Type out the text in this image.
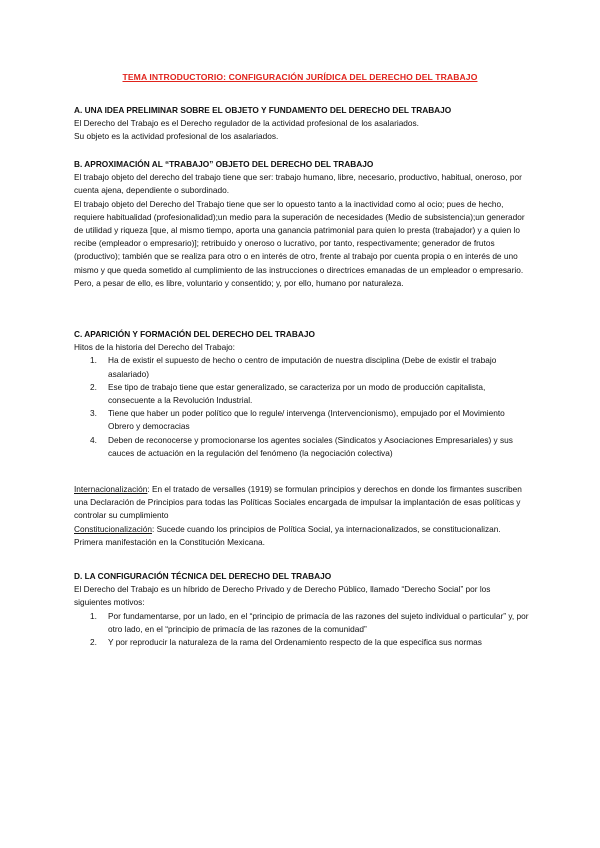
TEMA INTRODUCTORIO: CONFIGURACIÓN JURÍDICA DEL DERECHO DEL TRABAJO

A. UNA IDEA PRELIMINAR SOBRE EL OBJETO Y FUNDAMENTO DEL DERECHO DEL TRABAJO

El Derecho del Trabajo es el Derecho regulador de la actividad profesional de los asalariados.

Su objeto es la actividad profesional de los asalariados.

B. APROXIMACIÓN AL “TRABAJO” OBJETO DEL DERECHO DEL TRABAJO

El trabajo objeto del derecho del trabajo tiene que ser: trabajo humano, libre, necesario, productivo, habitual, oneroso, por cuenta ajena, dependiente o subordinado.

El trabajo objeto del Derecho del Trabajo tiene que ser lo opuesto tanto a la inactividad como al ocio; pues de hecho, requiere habitualidad (profesionalidad);un medio para la superación de necesidades (Medio de subsistencia);un generador de utilidad y riqueza [que, al mismo tiempo, aporta una ganancia patrimonial para quien lo presta (trabajador) y a quien lo recibe (empleador o empresario)]; retribuido y oneroso o lucrativo, por tanto, respectivamente; generador de frutos (productivo); también que se realiza para otro o en interés de otro, frente al trabajo por cuenta propia o en interés de uno mismo y que queda sometido al cumplimiento de las instrucciones o directrices emanadas de un empleador o empresario. Pero, a pesar de ello, es libre, voluntario y consentido; y, por ello, humano por naturaleza.

C. APARICIÓN Y FORMACIÓN DEL DERECHO DEL TRABAJO

Hitos de la historia del Derecho del Trabajo:

1. Ha de existir el supuesto de hecho o centro de imputación de nuestra disciplina (Debe de existir el trabajo asalariado)
2. Ese tipo de trabajo tiene que estar generalizado, se caracteriza por un modo de producción capitalista, consecuente a la Revolución Industrial.
3. Tiene que haber un poder político que lo regule/ intervenga (Intervencionismo), empujado por el Movimiento Obrero y democracias
4. Deben de reconocerse y promocionarse los agentes sociales (Sindicatos y Asociaciones Empresariales) y sus cauces de actuación en la regulación del fenómeno (la negociación colectiva)

Internacionalización: En el tratado de versalles (1919) se formulan principios y derechos en donde los firmantes suscriben una Declaración de Principios para todas las Políticas Sociales encargada de impulsar la implantación de esas políticas y controlar su cumplimiento

Constitucionalización: Sucede cuando los principios de Política Social, ya internacionalizados, se constitucionalizan. Primera manifestación en la Constitución Mexicana.

D. LA CONFIGURACIÓN TÉCNICA DEL DERECHO DEL TRABAJO

El Derecho del Trabajo es un híbrido de Derecho Privado y de Derecho Público, llamado “Derecho Social” por los siguientes motivos:

1. Por fundamentarse, por un lado, en el “principio de primacía de las razones del sujeto individual o particular” y, por otro lado, en el “principio de primacía de las razones de la comunidad”
2. Y por reproducir la naturaleza de la rama del Ordenamiento respecto de la que especifica sus normas
